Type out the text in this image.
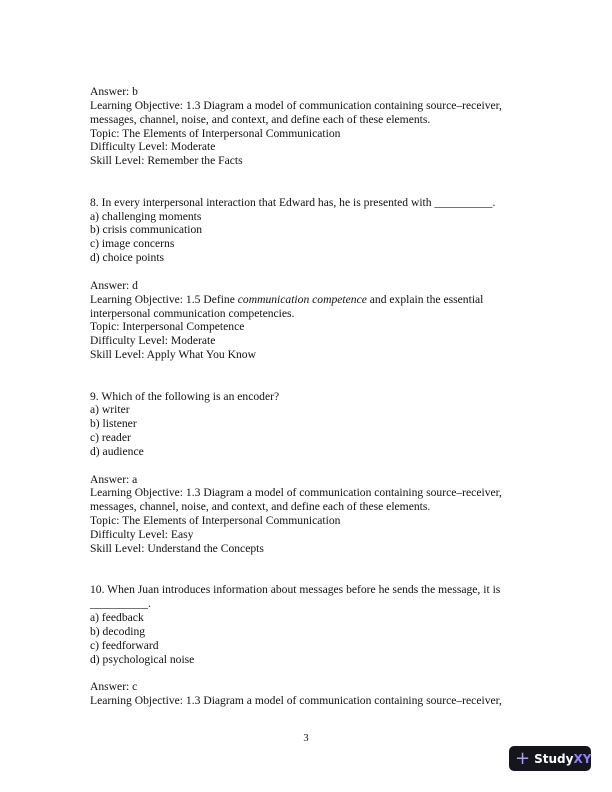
Answer: b
Learning Objective: 1.3 Diagram a model of communication containing source–receiver,
messages, channel, noise, and context, and define each of these elements.
Topic: The Elements of Interpersonal Communication
Difficulty Level: Moderate
Skill Level: Remember the Facts
8. In every interpersonal interaction that Edward has, he is presented with __________.
a) challenging moments
b) crisis communication
c) image concerns
d) choice points
Answer: d
Learning Objective: 1.5 Define communication competence and explain the essential
interpersonal communication competencies.
Topic: Interpersonal Competence
Difficulty Level: Moderate
Skill Level: Apply What You Know
9. Which of the following is an encoder?
a) writer
b) listener
c) reader
d) audience
Answer: a
Learning Objective: 1.3 Diagram a model of communication containing source–receiver,
messages, channel, noise, and context, and define each of these elements.
Topic: The Elements of Interpersonal Communication
Difficulty Level: Easy
Skill Level: Understand the Concepts
10. When Juan introduces information about messages before he sends the message, it is
__________.
a) feedback
b) decoding
c) feedforward
d) psychological noise
Answer: c
Learning Objective: 1.3 Diagram a model of communication containing source–receiver,
3
+ Study XY
